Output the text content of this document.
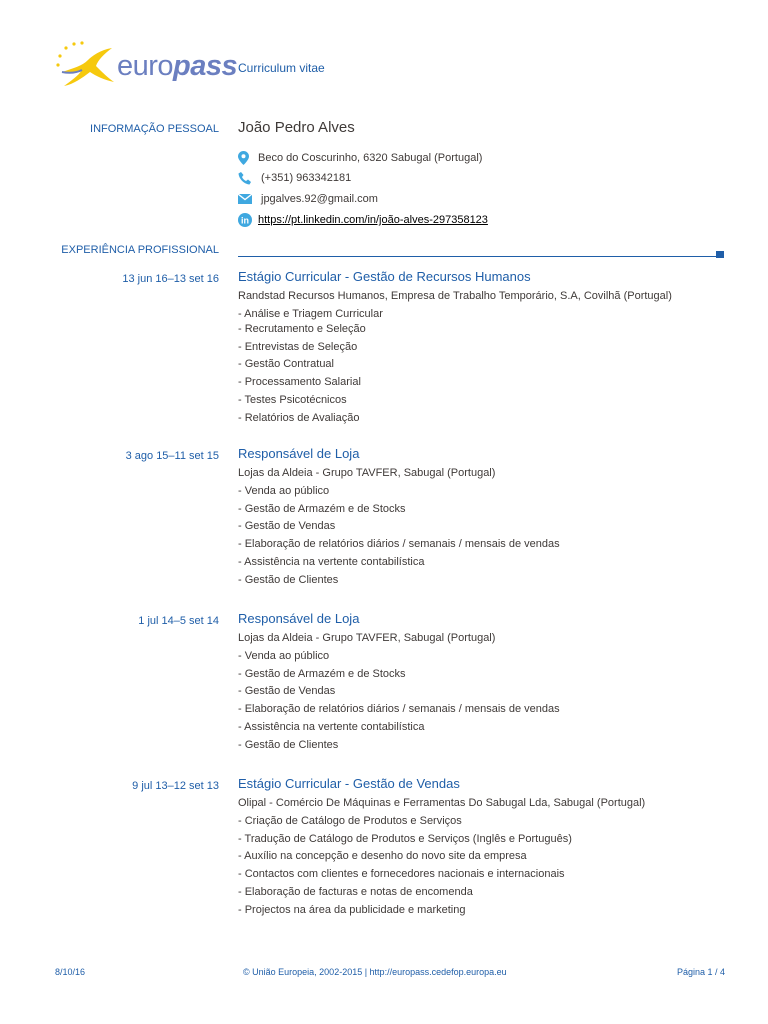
europass Curriculum vitae
INFORMAÇÃO PESSOAL João Pedro Alves
Beco do Coscurinho, 6320 Sabugal (Portugal)
(+351) 963342181
jpgalves.92@gmail.com
in https://pt.linkedin.com/in/joão-alves-297358123
EXPERIÊNCIA PROFISSIONAL
13 jun 16–13 set 16 Estágio Curricular - Gestão de Recursos Humanos
Randstad Recursos Humanos, Empresa de Trabalho Temporário, S.A, Covilhã (Portugal)
- Análise e Triagem Curricular
- Recrutamento e Seleção
- Entrevistas de Seleção
- Gestão Contratual
- Processamento Salarial
- Testes Psicotécnicos
- Relatórios de Avaliação
3 ago 15–11 set 15 Responsável de Loja
Lojas da Aldeia - Grupo TAVFER, Sabugal (Portugal)
- Venda ao público
- Gestão de Armazém e de Stocks
- Gestão de Vendas
- Elaboração de relatórios diários / semanais / mensais de vendas
- Assistência na vertente contabilística
- Gestão de Clientes
1 jul 14–5 set 14 Responsável de Loja
Lojas da Aldeia - Grupo TAVFER, Sabugal (Portugal)
- Venda ao público
- Gestão de Armazém e de Stocks
- Gestão de Vendas
- Elaboração de relatórios diários / semanais / mensais de vendas
- Assistência na vertente contabilística
- Gestão de Clientes
9 jul 13–12 set 13 Estágio Curricular - Gestão de Vendas
Olipal - Comércio De Máquinas e Ferramentas Do Sabugal Lda, Sabugal (Portugal)
- Criação de Catálogo de Produtos e Serviços
- Tradução de Catálogo de Produtos e Serviços (Inglês e Português)
- Auxílio na concepção e desenho do novo site da empresa
- Contactos com clientes e fornecedores nacionais e internacionais
- Elaboração de facturas e notas de encomenda
- Projectos na área da publicidade e marketing
8/10/16	© União Europeia, 2002-2015 | http://europass.cedefop.europa.eu	Página 1 / 4
